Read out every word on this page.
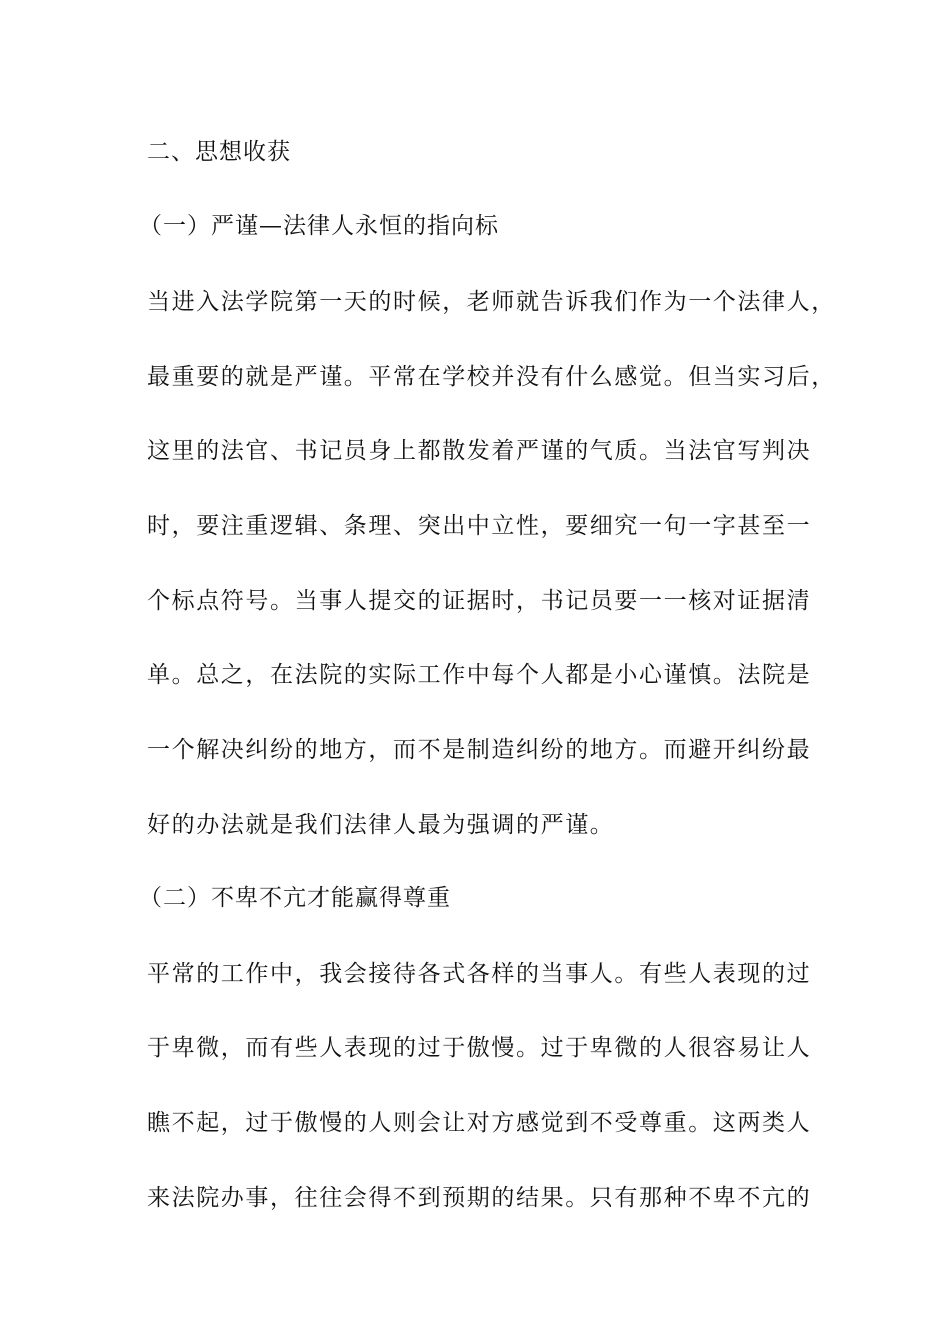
二、思想收获
（一）严谨—法律人永恒的指向标
当进入法学院第一天的时候，老师就告诉我们作为一个法律人，
最重要的就是严谨。平常在学校并没有什么感觉。但当实习后，
这里的法官、书记员身上都散发着严谨的气质。当法官写判决
时，要注重逻辑、条理、突出中立性，要细究一句一字甚至一
个标点符号。当事人提交的证据时，书记员要一一核对证据清
单。总之，在法院的实际工作中每个人都是小心谨慎。法院是
一个解决纠纷的地方，而不是制造纠纷的地方。而避开纠纷最
好的办法就是我们法律人最为强调的严谨。
（二）不卑不亢才能赢得尊重
平常的工作中，我会接待各式各样的当事人。有些人表现的过
于卑微，而有些人表现的过于傲慢。过于卑微的人很容易让人
瞧不起，过于傲慢的人则会让对方感觉到不受尊重。这两类人
来法院办事，往往会得不到预期的结果。只有那种不卑不亢的
